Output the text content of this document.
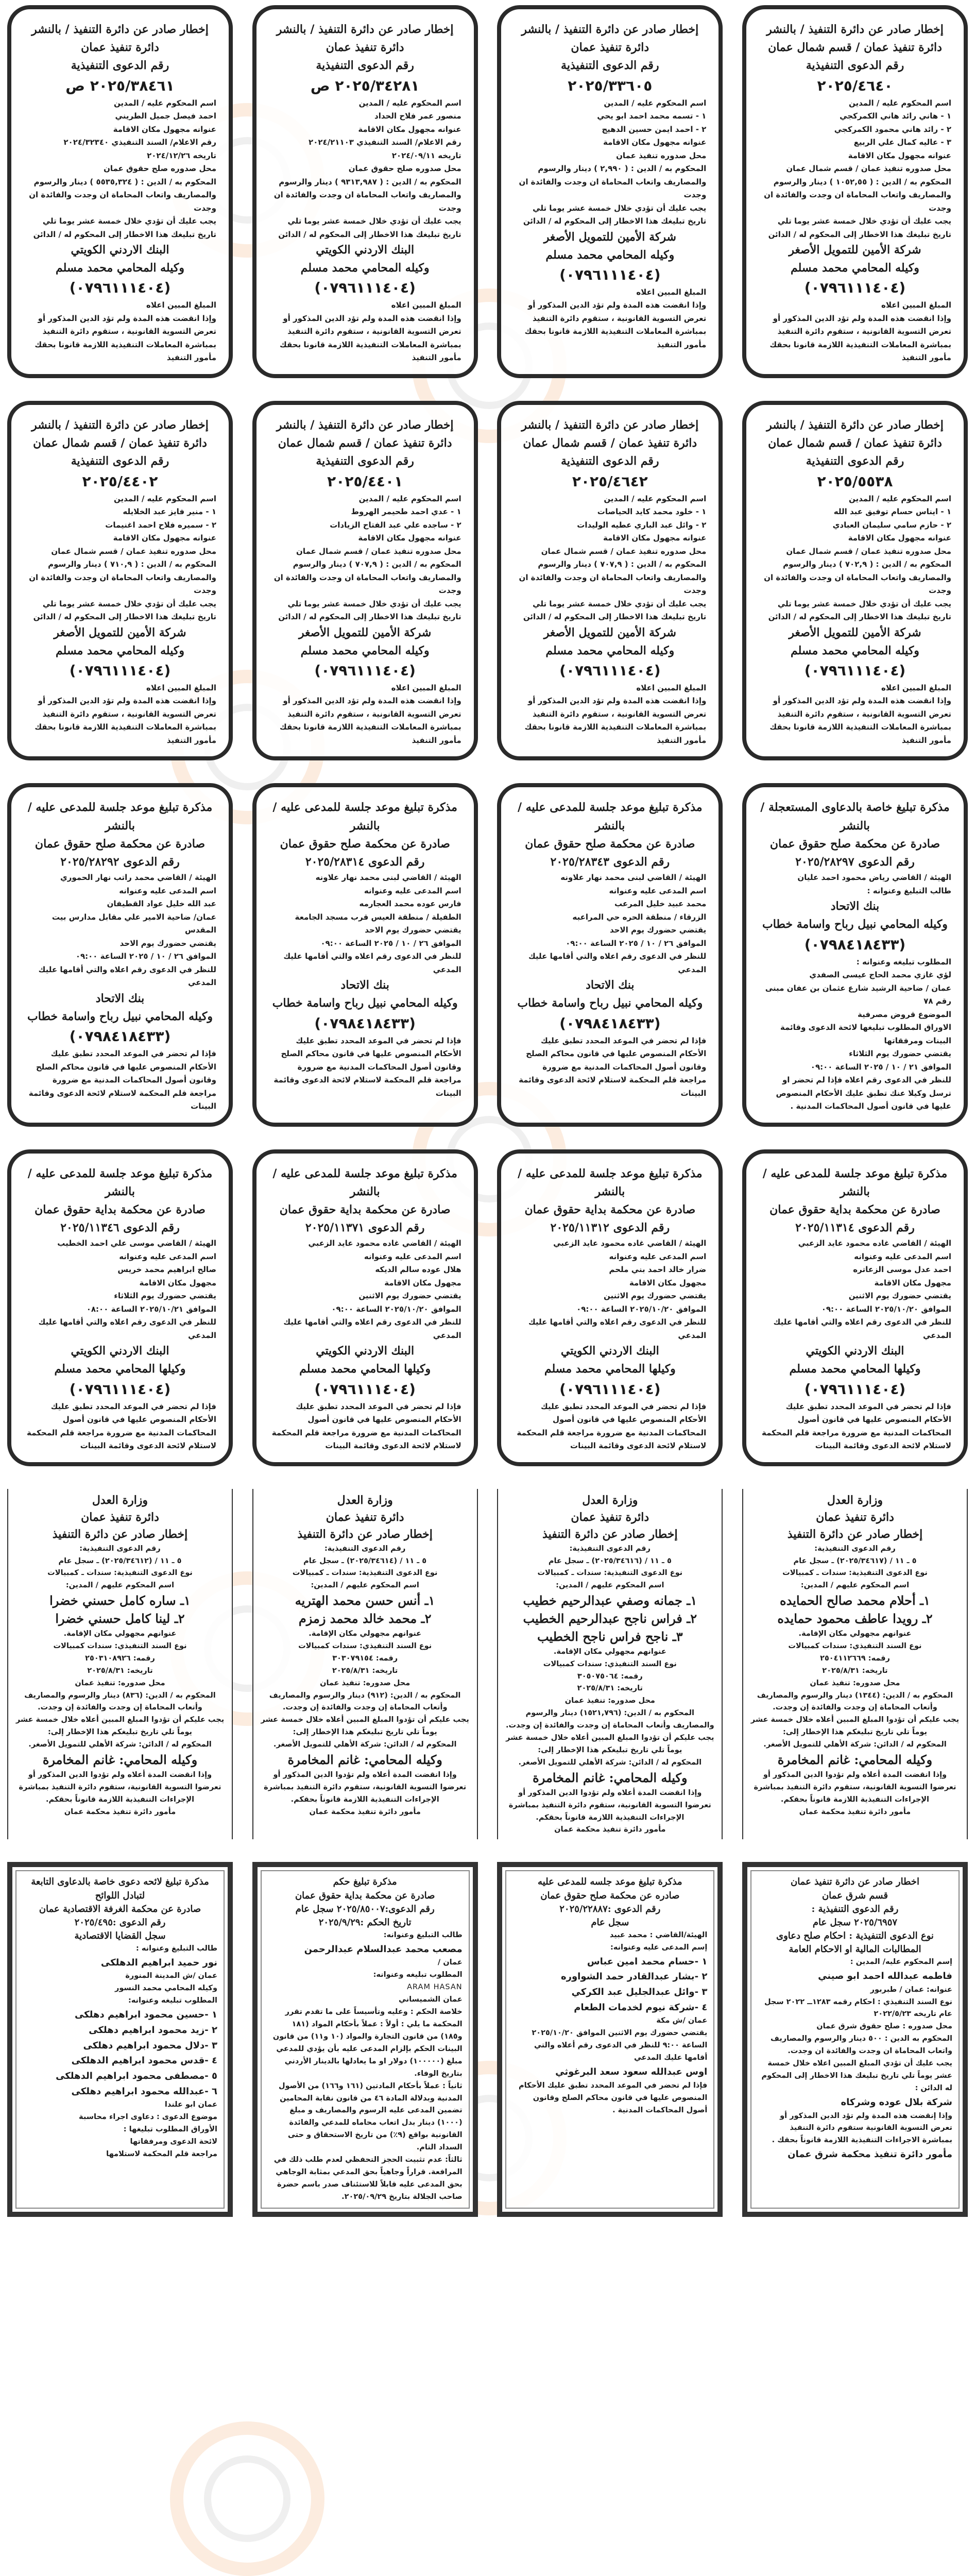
إخطار صادر عن دائرة التنفيذ / بالنشر

دائرة تنفيذ عمان / قسم شمال عمان

رقم الدعوى التنفيذية

٢٠٢٥/٤٦٤٠

اسم المحكوم عليه / المدين

١ - هاني رائد هاني الكمركجي

٢ - رائد هاني محمود الكمركجي

٣ - عاليه كمال علي الربيع

عنوانه مجهول مكان الاقامة

محل صدوره تنفيذ عمان / قسم شمال عمان

المحكوم به / الدين : ( ١٠٥٢,٥٥ ) دينار والرسوم والمصاريف واتعاب المحاماة ان وجدت والفائدة ان وجدت

يجب عليك أن تؤدي خلال خمسة عشر يوما تلي تاريخ تبليغك هذا الاخطار إلى المحكوم له / الدائن

شركة الأمين للتمويل الأصغر

وكيله المحامي محمد مسلم

(٠٧٩٦١١١٤٠٤)

المبلغ المبين اعلاه

وإذا انقضت هذه المدة ولم تؤد الدين المذكور أو تعرض التسوية القانونية ، ستقوم دائرة التنفيذ بمباشرة المعاملات التنفيذية اللازمة قانونا بحقك

مأمور التنفيذ

إخطار صادر عن دائرة التنفيذ / بالنشر

دائرة تنفيذ عمان

رقم الدعوى التنفيذية

٢٠٢٥/٣٣٦٠٥

اسم المحكوم عليه / المدين

١ - تسمه محمد احمد ابو يحي

٢ - احمد ايمن حسين الدهيج

عنوانه مجهول مكان الاقامة

محل صدوره تنفيذ عمان

المحكوم به / الدين : ( ٢,٩٩٠ ) دينار والرسوم والمصاريف واتعاب المحاماة ان وجدت والفائدة ان وجدت

يجب عليك أن تؤدي خلال خمسة عشر يوما تلي تاريخ تبليغك هذا الاخطار إلى المحكوم له / الدائن

شركة الأمين للتمويل الأصغر

وكيله المحامي محمد مسلم

(٠٧٩٦١١١٤٠٤)

المبلغ المبين اعلاه

وإذا انقضت هذه المدة ولم تؤد الدين المذكور أو تعرض التسوية القانونية ، ستقوم دائرة التنفيذ بمباشرة المعاملات التنفيذية اللازمة قانونا بحقك

مأمور التنفيذ

إخطار صادر عن دائرة التنفيذ / بالنشر

دائرة تنفيذ عمان

رقم الدعوى التنفيذية

٢٠٢٥/٣٤٢٨١ ص

اسم المحكوم عليه / المدين

منصور عمر فلاح الحداد

عنوانه مجهول مكان الاقامة

رقم الاعلام/ السند التنفيذي ٢٠٢٤/٢١١٠٣

تاريخه ٢٠٢٤/٠٩/١١

محل صدوره صلح حقوق عمان

المحكوم به / الدين : ( ٩٣١٣,٩٨٧ ) دينار والرسوم والمصاريف واتعاب المحاماة ان وجدت والفائدة ان وجدت

يجب عليك أن تؤدي خلال خمسة عشر يوما تلي تاريخ تبليغك هذا الاخطار إلى المحكوم له / الدائن

البنك الاردني الكويتي

وكيله المحامي محمد مسلم

(٠٧٩٦١١١٤٠٤)

المبلغ المبين اعلاه

وإذا انقضت هذه المدة ولم تؤد الدين المذكور أو تعرض التسوية القانونية ، ستقوم دائرة التنفيذ بمباشرة المعاملات التنفيذية اللازمة قانونا بحقك

مأمور التنفيذ

إخطار صادر عن دائرة التنفيذ / بالنشر

دائرة تنفيذ عمان

رقم الدعوى التنفيذية

٢٠٢٥/٣٨٤٦١ ص

اسم المحكوم عليه / المدين

احمد فيصل جميل الطريني

عنوانه مجهول مكان الاقامة

رقم الاعلام/ السند التنفيذي ٢٠٢٤/٣٢٣٤٠

تاريخه ٢٠٢٤/١٢/٢٦

محل صدوره صلح حقوق عمان

المحكوم به / الدين : ( ٥٥٣٥,٣٢٤ ) دينار والرسوم والمصاريف واتعاب المحاماة ان وجدت والفائدة ان وجدت

يجب عليك أن تؤدي خلال خمسة عشر يوما تلي تاريخ تبليغك هذا الاخطار إلى المحكوم له / الدائن

البنك الاردني الكويتي

وكيله المحامي محمد مسلم

(٠٧٩٦١١١٤٠٤)

المبلغ المبين اعلاه

وإذا انقضت هذه المدة ولم تؤد الدين المذكور أو تعرض التسوية القانونية ، ستقوم دائرة التنفيذ بمباشرة المعاملات التنفيذية اللازمة قانونا بحقك

مأمور التنفيذ

إخطار صادر عن دائرة التنفيذ / بالنشر

دائرة تنفيذ عمان / قسم شمال عمان

رقم الدعوى التنفيذية

٢٠٢٥/٥٥٣٨

اسم المحكوم عليه / المدين

١ - ايناس حسام توفيق عبد الله

٢ - حازم سامي سليمان العبادي

عنوانه مجهول مكان الاقامة

محل صدوره تنفيذ عمان / قسم شمال عمان

المحكوم به / الدين : ( ٧٠٢,٩ ) دينار والرسوم والمصاريف واتعاب المحاماة ان وجدت والفائدة ان وجدت

يجب عليك أن تؤدي خلال خمسة عشر يوما تلي تاريخ تبليغك هذا الاخطار إلى المحكوم له / الدائن

شركة الأمين للتمويل الأصغر

وكيله المحامي محمد مسلم

(٠٧٩٦١١١٤٠٤)

المبلغ المبين اعلاه

وإذا انقضت هذه المدة ولم تؤد الدين المذكور أو تعرض التسوية القانونية ، ستقوم دائرة التنفيذ بمباشرة المعاملات التنفيذية اللازمة قانونا بحقك

مأمور التنفيذ

إخطار صادر عن دائرة التنفيذ / بالنشر

دائرة تنفيذ عمان / قسم شمال عمان

رقم الدعوى التنفيذية

٢٠٢٥/٤٦٤٢

اسم المحكوم عليه / المدين

١ - خلود محمد كايد الحياصات

٢ - وائل عبد الباري عطيه الوليدات

عنوانه مجهول مكان الاقامة

محل صدوره تنفيذ عمان / قسم شمال عمان

المحكوم به / الدين : ( ٧٠٧,٩ ) دينار والرسوم والمصاريف واتعاب المحاماة ان وجدت والفائدة ان وجدت

يجب عليك أن تؤدي خلال خمسة عشر يوما تلي تاريخ تبليغك هذا الاخطار إلى المحكوم له / الدائن

شركة الأمين للتمويل الأصغر

وكيله المحامي محمد مسلم

(٠٧٩٦١١١٤٠٤)

المبلغ المبين اعلاه

وإذا انقضت هذه المدة ولم تؤد الدين المذكور أو تعرض التسوية القانونية ، ستقوم دائرة التنفيذ بمباشرة المعاملات التنفيذية اللازمة قانونا بحقك

مأمور التنفيذ

إخطار صادر عن دائرة التنفيذ / بالنشر

دائرة تنفيذ عمان / قسم شمال عمان

رقم الدعوى التنفيذية

٢٠٢٥/٤٤٠١

اسم المحكوم عليه / المدين

١ - عدي احمد طحيمر الهروط

٢ - ساجده علي عبد الفتاح الزيادات

عنوانه مجهول مكان الاقامة

محل صدوره تنفيذ عمان / قسم شمال عمان

المحكوم به / الدين : ( ٧٠٧,٩ ) دينار والرسوم والمصاريف واتعاب المحاماة ان وجدت والفائدة ان وجدت

يجب عليك أن تؤدي خلال خمسة عشر يوما تلي تاريخ تبليغك هذا الاخطار إلى المحكوم له / الدائن

شركة الأمين للتمويل الأصغر

وكيله المحامي محمد مسلم

(٠٧٩٦١١١٤٠٤)

المبلغ المبين اعلاه

وإذا انقضت هذه المدة ولم تؤد الدين المذكور أو تعرض التسوية القانونية ، ستقوم دائرة التنفيذ بمباشرة المعاملات التنفيذية اللازمة قانونا بحقك

مأمور التنفيذ

إخطار صادر عن دائرة التنفيذ / بالنشر

دائرة تنفيذ عمان / قسم شمال عمان

رقم الدعوى التنفيذية

٢٠٢٥/٤٤٠٢

اسم المحكوم عليه / المدين

١ - منير فايز عبد الخلايله

٢ - سميره فلاح احمد اغنيمات

عنوانه مجهول مكان الاقامة

محل صدوره تنفيذ عمان / قسم شمال عمان

المحكوم به / الدين : ( ٧١٠,٩ ) دينار والرسوم والمصاريف واتعاب المحاماة ان وجدت والفائدة ان وجدت

يجب عليك أن تؤدي خلال خمسة عشر يوما تلي تاريخ تبليغك هذا الاخطار إلى المحكوم له / الدائن

شركة الأمين للتمويل الأصغر

وكيله المحامي محمد مسلم

(٠٧٩٦١١١٤٠٤)

المبلغ المبين اعلاه

وإذا انقضت هذه المدة ولم تؤد الدين المذكور أو تعرض التسوية القانونية ، ستقوم دائرة التنفيذ بمباشرة المعاملات التنفيذية اللازمة قانونا بحقك

مأمور التنفيذ

مذكرة تبليغ خاصة بالدعاوى المستعجلة / بالنشر

صادرة عن محكمة صلح حقوق عمان

رقم الدعوى ٢٠٢٥/٢٨٢٩٧

الهيئة / القاضي رياض محمود احمد عليان

طالب التبليغ وعنوانه :

بنك الاتحاد

وكيله المحامي نبيل رباح واسامة خطاب

(٠٧٩٨٤١٨٤٣٣)

المطلوب تبليغه وعنوانه :

لؤي غازي محمد الحاج عيسى الصفدي

عمان / ضاحية الرشيد شارع عثمان بن عفان مبنى رقم ٧٨

الموضوع قروض مصرفية

الاوراق المطلوب تبليغها لائحة الدعوى وقائمة البينات ومرفقاتها

يقتضي حضورك يوم الثلاثاء

الموافق ٢١ / ١٠ / ٢٠٢٥ الساعة ٠٩:٠٠

للنظر في الدعوى رقم اعلاه فإذا لم تحضر او ترسل وكيلا عنك تطبق عليك الأحكام المنصوص عليها في قانون أصول المحاكمات المدنية .

مذكرة تبليغ موعد جلسة للمدعى عليه / بالنشر

صادرة عن محكمة صلح حقوق عمان

رقم الدعوى ٢٠٢٥/٢٨٣٤٣

الهيئة / القاضي لبنى محمد نهار علاونه

اسم المدعى عليه وعنوانه

محمد عبيد خليل المرعب

الزرقاء / منطقة الحره حي المراعبه

يقتضي حضورك يوم الاحد

الموافق ٢٦ / ١٠ / ٢٠٢٥ الساعة ٠٩:٠٠

للنظر في الدعوى رقم اعلاه والتي أقامها عليك المدعي

بنك الاتحاد

وكيله المحامي نبيل رباح واسامة خطاب

(٠٧٩٨٤١٨٤٣٣)

فإذا لم تحضر في الموعد المحدد تطبق عليك الأحكام المنصوص عليها في قانون محاكم الصلح وقانون أصول المحاكمات المدنية مع ضرورة مراجعة قلم المحكمة لاستلام لائحة الدعوى وقائمة البينات

مذكرة تبليغ موعد جلسة للمدعى عليه / بالنشر

صادرة عن محكمة صلح حقوق عمان

رقم الدعوى ٢٠٢٥/٢٨٣١٤

الهيئة / القاضي لبنى محمد نهار علاونه

اسم المدعى عليه وعنوانه

فارس عوده محمد العجارمه

الطفيلة / منطقة العيس قرب مسجد الجامعة

يقتضي حضورك يوم الاحد

الموافق ٢٦ / ١٠ / ٢٠٢٥ الساعة ٠٩:٠٠

للنظر في الدعوى رقم اعلاه والتي أقامها عليك المدعي

بنك الاتحاد

وكيله المحامي نبيل رباح واسامة خطاب

(٠٧٩٨٤١٨٤٣٣)

فإذا لم تحضر في الموعد المحدد تطبق عليك الأحكام المنصوص عليها في قانون محاكم الصلح وقانون أصول المحاكمات المدنية مع ضرورة مراجعة قلم المحكمة لاستلام لائحة الدعوى وقائمة البينات

مذكرة تبليغ موعد جلسة للمدعى عليه / بالنشر

صادرة عن محكمة صلح حقوق عمان

رقم الدعوى ٢٠٢٥/٢٨٢٩٢

الهيئة / القاضي محمد راتب نهار الحموري

اسم المدعى عليه وعنوانه

عبد الله خليل عواد القطيفان

عمان/ ضاحية الامير علي مقابل مدارس بيت المقدس

يقتضي حضورك يوم الاحد

الموافق ٢٦ / ١٠ / ٢٠٢٥ الساعة ٠٩:٠٠

للنظر في الدعوى رقم اعلاه والتي أقامها عليك المدعي

بنك الاتحاد

وكيله المحامي نبيل رباح واسامة خطاب

(٠٧٩٨٤١٨٤٣٣)

فإذا لم تحضر في الموعد المحدد تطبق عليك الأحكام المنصوص عليها في قانون محاكم الصلح وقانون أصول المحاكمات المدنية مع ضرورة مراجعة قلم المحكمة لاستلام لائحة الدعوى وقائمة البينات

مذكرة تبليغ موعد جلسة للمدعى عليه / بالنشر

صادرة عن محكمة بداية حقوق عمان

رقم الدعوى ٢٠٢٥/١١٣١٤

الهيئة / القاضي غاده محمود عايد الزعبي

اسم المدعى عليه وعنوانه

احمد عدل موسى الزعاتره

مجهول مكان الاقامة

يقتضي حضورك يوم الاثنين

الموافق ٢٠٢٥/١٠/٢٠ الساعة ٠٩:٠٠

للنظر في الدعوى رقم اعلاه والتي أقامها عليك المدعي

البنك الاردني الكويتي

وكيلها المحامي محمد مسلم

(٠٧٩٦١١١٤٠٤)

فإذا لم تحضر في الموعد المحدد تطبق عليك الأحكام المنصوص عليها في قانون أصول المحاكمات المدنية مع ضرورة مراجعة قلم المحكمة لاستلام لائحة الدعوى وقائمة البينات

مذكرة تبليغ موعد جلسة للمدعى عليه / بالنشر

صادرة عن محكمة بداية حقوق عمان

رقم الدعوى ٢٠٢٥/١١٣١٢

الهيئة / القاضي غاده محمود عايد الزعبي

اسم المدعى عليه وعنوانه

ضرار خالد احمد بني ملحم

مجهول مكان الاقامة

يقتضي حضورك يوم الاثنين

الموافق ٢٠٢٥/١٠/٢٠ الساعة ٠٩:٠٠

للنظر في الدعوى رقم اعلاه والتي أقامها عليك المدعي

البنك الاردني الكويتي

وكيلها المحامي محمد مسلم

(٠٧٩٦١١١٤٠٤)

فإذا لم تحضر في الموعد المحدد تطبق عليك الأحكام المنصوص عليها في قانون أصول المحاكمات المدنية مع ضرورة مراجعة قلم المحكمة لاستلام لائحة الدعوى وقائمة البينات

مذكرة تبليغ موعد جلسة للمدعى عليه / بالنشر

صادرة عن محكمة بداية حقوق عمان

رقم الدعوى ٢٠٢٥/١١٣٧١

الهيئة / القاضي غاده محمود عايد الزعبي

اسم المدعى عليه وعنوانه

هلال عوده سالم الديكه

مجهول مكان الاقامة

يقتضي حضورك يوم الاثنين

الموافق ٢٠٢٥/١٠/٢٠ الساعة ٠٩:٠٠

للنظر في الدعوى رقم اعلاه والتي أقامها عليك المدعي

البنك الاردني الكويتي

وكيلها المحامي محمد مسلم

(٠٧٩٦١١١٤٠٤)

فإذا لم تحضر في الموعد المحدد تطبق عليك الأحكام المنصوص عليها في قانون أصول المحاكمات المدنية مع ضرورة مراجعة قلم المحكمة لاستلام لائحة الدعوى وقائمة البينات

مذكرة تبليغ موعد جلسة للمدعى عليه / بالنشر

صادرة عن محكمة بداية حقوق عمان

رقم الدعوى ٢٠٢٥/١١٣٤٦

الهيئة / القاضي موسى علي احمد الخطيب

اسم المدعى عليه وعنوانه

صالح ابراهيم محمد خريس

مجهول مكان الاقامة

يقتضي حضورك يوم الثلاثاء

الموافق ٢٠٢٥/١٠/٢١ الساعة ٠٨:٠٠

للنظر في الدعوى رقم اعلاه والتي أقامها عليك المدعي

البنك الاردني الكويتي

وكيلها المحامي محمد مسلم

(٠٧٩٦١١١٤٠٤)

فإذا لم تحضر في الموعد المحدد تطبق عليك الأحكام المنصوص عليها في قانون أصول المحاكمات المدنية مع ضرورة مراجعة قلم المحكمة لاستلام لائحة الدعوى وقائمة البينات

وزارة العدل

دائرة تنفيذ عمان

إخطار صادر عن دائرة التنفيذ

رقم الدعوى التنفيذية:

٥ ـ ١١ / (٢٠٢٥/٣٤٦١٧) ـ سجل عام

نوع الدعوى التنفيذية: سندات ـ كمبيالات

اسم المحكوم عليهم / المدين:

١ـ أحلام محمد صالح الحمايده

٢ـ رويدا عاطف محمود حمايده

عنوانهم مجهولي مكان الإقامة.

نوع السند التنفيذي: سندات كمبيالات

رقمه: ٢٥٠٤١١٢٦٦٩

تاريخه: ٢٠٢٥/٨/٣١

محل صدوره: تنفيذ عمان

المحكوم به / الدين: (١٣٤٤) دينار والرسوم والمصاريف وأتعاب المحاماة إن وجدت والفائدة إن وجدت.

يجب عليكم أن تؤدوا المبلغ المبين أعلاه خلال خمسة عشر يوماً تلي تاريخ تبليغكم هذا الإخطار إلى:

المحكوم له / الدائن: شركة الأهلي للتمويل الأصغر.

وكيله المحامي: غانم المخامرة

وإذا انقضت المدة أعلاه ولم تؤدوا الدين المذكور أو تعرضوا التسوية القانونية، ستقوم دائرة التنفيذ بمباشرة الإجراءات التنفيذية اللازمة قانوناً بحقكم.

مأمور دائرة تنفيذ محكمة عمان

وزارة العدل

دائرة تنفيذ عمان

إخطار صادر عن دائرة التنفيذ

رقم الدعوى التنفيذية:

٥ ـ ١١ / (٢٠٢٥/٣٤٦١٦) ـ سجل عام

نوع الدعوى التنفيذية: سندات ـ كمبيالات

اسم المحكوم عليهم / المدين:

١ـ جمانه وصفي عبدالرحيم خطيب

٢ـ فراس ناجح عبدالرحيم الخطيب

٣ـ ناجح فراس ناجح الخطيب

عنوانهم مجهولي مكان الإقامة.

نوع السند التنفيذي: سندات كمبيالات

رقمه: ٣٠٥٠٧٥٠٦٤

تاريخه: ٢٠٢٥/٨/٣١

محل صدوره: تنفيذ عمان

المحكوم به / الدين: (١٥٢١,٧٩٦) دينار والرسوم والمصاريف وأتعاب المحاماة إن وجدت والفائدة إن وجدت.

يجب عليكم أن تؤدوا المبلغ المبين أعلاه خلال خمسة عشر يوماً تلي تاريخ تبليغكم هذا الإخطار إلى:

المحكوم له / الدائن: شركة الأهلي للتمويل الأصغر.

وكيله المحامي: غانم المخامرة

وإذا انقضت المدة أعلاه ولم تؤدوا الدين المذكور أو تعرضوا التسوية القانونية، ستقوم دائرة التنفيذ بمباشرة الإجراءات التنفيذية اللازمة قانوناً بحقكم.

مأمور دائرة تنفيذ محكمة عمان

وزارة العدل

دائرة تنفيذ عمان

إخطار صادر عن دائرة التنفيذ

رقم الدعوى التنفيذية:

٥ ـ ١١ / (٢٠٢٥/٣٤٦١٤) ـ سجل عام

نوع الدعوى التنفيذية: سندات ـ كمبيالات

اسم المحكوم عليهم / المدين:

١ـ أنس حسن محمد الهتريه

٢ـ محمد خالد محمد زمزم

عنوانهم مجهولي مكان الإقامة.

نوع السند التنفيذي: سندات كمبيالات

رقمه: ٣٠٣٠٧٩١٥٤

تاريخه: ٢٠٢٥/٨/٣١

محل صدوره: تنفيذ عمان

المحكوم به / الدين: (٩١٢) دينار والرسوم والمصاريف وأتعاب المحاماة إن وجدت والفائدة إن وجدت.

يجب عليكم أن تؤدوا المبلغ المبين أعلاه خلال خمسة عشر يوماً تلي تاريخ تبليغكم هذا الإخطار إلى:

المحكوم له / الدائن: شركة الأهلي للتمويل الأصغر.

وكيله المحامي: غانم المخامرة

وإذا انقضت المدة أعلاه ولم تؤدوا الدين المذكور أو تعرضوا التسوية القانونية، ستقوم دائرة التنفيذ بمباشرة الإجراءات التنفيذية اللازمة قانوناً بحقكم.

مأمور دائرة تنفيذ محكمة عمان

وزارة العدل

دائرة تنفيذ عمان

إخطار صادر عن دائرة التنفيذ

رقم الدعوى التنفيذية:

٥ ـ ١١ / (٢٠٢٥/٣٤٦١٢) ـ سجل عام

نوع الدعوى التنفيذية: سندات ـ كمبيالات

اسم المحكوم عليهم / المدين:

١ـ ساره كامل حسني خضرا

٢ـ لينا كامل حسني خضرا

عنوانهم مجهولي مكان الإقامة.

نوع السند التنفيذي: سندات كمبيالات

رقمه: ٢٥٠٣١٠٨٩٢٦

تاريخه: ٢٠٢٥/٨/٣١

محل صدوره: تنفيذ عمان

المحكوم به / الدين: (٨٣٦) دينار والرسوم والمصاريف وأتعاب المحاماة إن وجدت والفائدة إن وجدت.

يجب عليكم أن تؤدوا المبلغ المبين أعلاه خلال خمسة عشر يوماً تلي تاريخ تبليغكم هذا الإخطار إلى:

المحكوم له / الدائن: شركة الأهلي للتمويل الأصغر.

وكيله المحامي: غانم المخامرة

وإذا انقضت المدة أعلاه ولم تؤدوا الدين المذكور أو تعرضوا التسوية القانونية، ستقوم دائرة التنفيذ بمباشرة الإجراءات التنفيذية اللازمة قانوناً بحقكم.

مأمور دائرة تنفيذ محكمة عمان

اخطار صادر عن دائرة تنفيذ عمان

قسم شرق عمان

رقم الدعوى التنفيذية :

٢٠٢٥/٦٩٥٧ سجل عام

نوع الدعوى التنفيذية : احكام صلح دعاوى المطالبات المالية او الاحكام العامة

إسم المحكوم عليه/ المدين :

فاطمه عبدالله احمد ابو صيني

عنوانه: عمان / طبربور

نوع السند التنفيذي : احكام رقمه ١٢٨٣ــ ٢٠٢٢ سجل عام تاريخه ٢٠٢٢/٥/٢٣

محل صدوره : صلح حقوق شرق عمان

المحكوم به الدين : ٥٠٠ دينار والرسوم والمصاريف واتعاب المحاماة ان وجدت والفائدة ان وجدت.

يجب عليك أن تؤدي المبلغ المبين اعلاه خلال خمسة عشر يوماً تلي تاريخ تبليغك هذا الاخطار إلى المحكوم له الدائن :

شركة بلال عوده وشركاه

وإذا إنقضت هذه المدة ولم تؤد الدين المذكور أو تعرض التسوية القانونية ستقوم دائرة التنفيذ بمباشرة الاجراءات التنفيذية اللازمة قانوناً بحقك .

مأمور دائرة تنفيذ محكمة شرق عمان

مذكرة تبليغ موعد جلسه للمدعى عليه

صادره عن محكمة صلح حقوق عمان

رقم الدعوى :٢٠٢٥/٢٢٨٨٧

سجل عام

الهيئة/القاضي : محمد عبيد

إسم المدعى عليه وعنوانه:

١ -حسام محمد امين عباس

٢ -بشار عبدالقادر حمد الشواوره

٣ -وائل عبدالجليل عبد الكركي

٤ -شركة نيوم لخدمات الطعام

عمان /ش مكة

يقتضي حضورك يوم الاثنين الموافق ٢٠٢٥/١٠/٢٠ الساعة ٩:٠٠ للنظر في الدعوى رقم أعلاه والتي أقامها عليك المدعي

اوس عبدالله سعود سعد البرغوثي

فإذا لم تحضر في الموعد المحدد تطبق عليك الأحكام المنصوص عليها في قانون محاكم الصلح وقانون أصول المحاكمات المدنية .

مذكرة تبليغ حكم

صادرة عن محكمة بداية حقوق عمان

رقم الدعوى:٢٠٢٥/٨٥٠٠٧ سجل عام

تاريخ الحكم :٢٠٢٥/٩/٢٩

طالب التبليغ وعنوانه:

مصعب محمد عبدالسلام عبدالرحمن

عمان /

المطلوب تبليغه وعنوانه:

ARAM HASAN

عمان الشميساني

خلاصة الحكم : وعليه وتأسيساً على ما تقدم تقرر المحكمة ما يلي : أولاً : عملاً بأحكام المواد (١٨١ و١٨٥) من قانون التجارة والمواد (١٠ و١١) من قانون البينات الحكم بإلزام المدعى عليه بأن يؤدي للمدعي مبلغ (١٠٠٠٠٠) دولار او ما يعادلها بالدينار الأردني بتاريخ الوفاء.

ثانياً : عملاً بأحكام المادتين (١٦١ و١٦٦) من الأصول المدنية وبدلالة المادة ٤٦ من قانون نقابة المحامين تضمين المدعى عليه الرسوم والمصاريف و مبلغ (١٠٠٠) دينار بدل اتعاب محاماه للمدعي والفائدة القانونية بواقع (٩٪) من تاريخ الاستحقاق و حتى السداد التام.

ثالثاً: عدم تثبيت الحجز التحفظي لعدم طلب ذلك في المرافعة. قراراً وجاهياً بحق المدعي بمثابة الوجاهي بحق المدعى عليه قابلاً للاستئناف صدر باسم حضرة صاحب الجلالة بتاريخ ٢٠٢٥/٠٩/٢٩.

مذكرة تبليغ لائحه دعوى خاصة بالدعاوى التابعة لتبادل اللوائح

صادرة عن محكمة الغرفة الاقتصادية عمان

رقم الدعوى :٢٠٢٥/٤٩٥

سجل القضايا الاقتصادية

طالب التبليغ وعنوانه :

نور حميد ابراهيم الدهلكى

عمان /ش المدينة المنورة

وكيله المحامي محمد النسور

المطلوب تبليغه وعنوانه:

١ -حسين محمود ابراهيم دهلكى

٢ -زيد محمود ابراهيم دهلكى

٣ -دلال محمود ابراهيم دهلكى

٤ -قدس محمود ابراهيم الدهلكى

٥ -مصطفى محمود ابراهيم الدهلكى

٦ -عبدالله محمود ابراهيم دهلكى

عمان ابو علندا

موضوع الدعوى : دعاوى اجراء محاسبة

الأوراق المطلوب تبليغها :

لائحة الدعوى ومرفقاتها

مراجعة قلم المحكمة لاستلامها
